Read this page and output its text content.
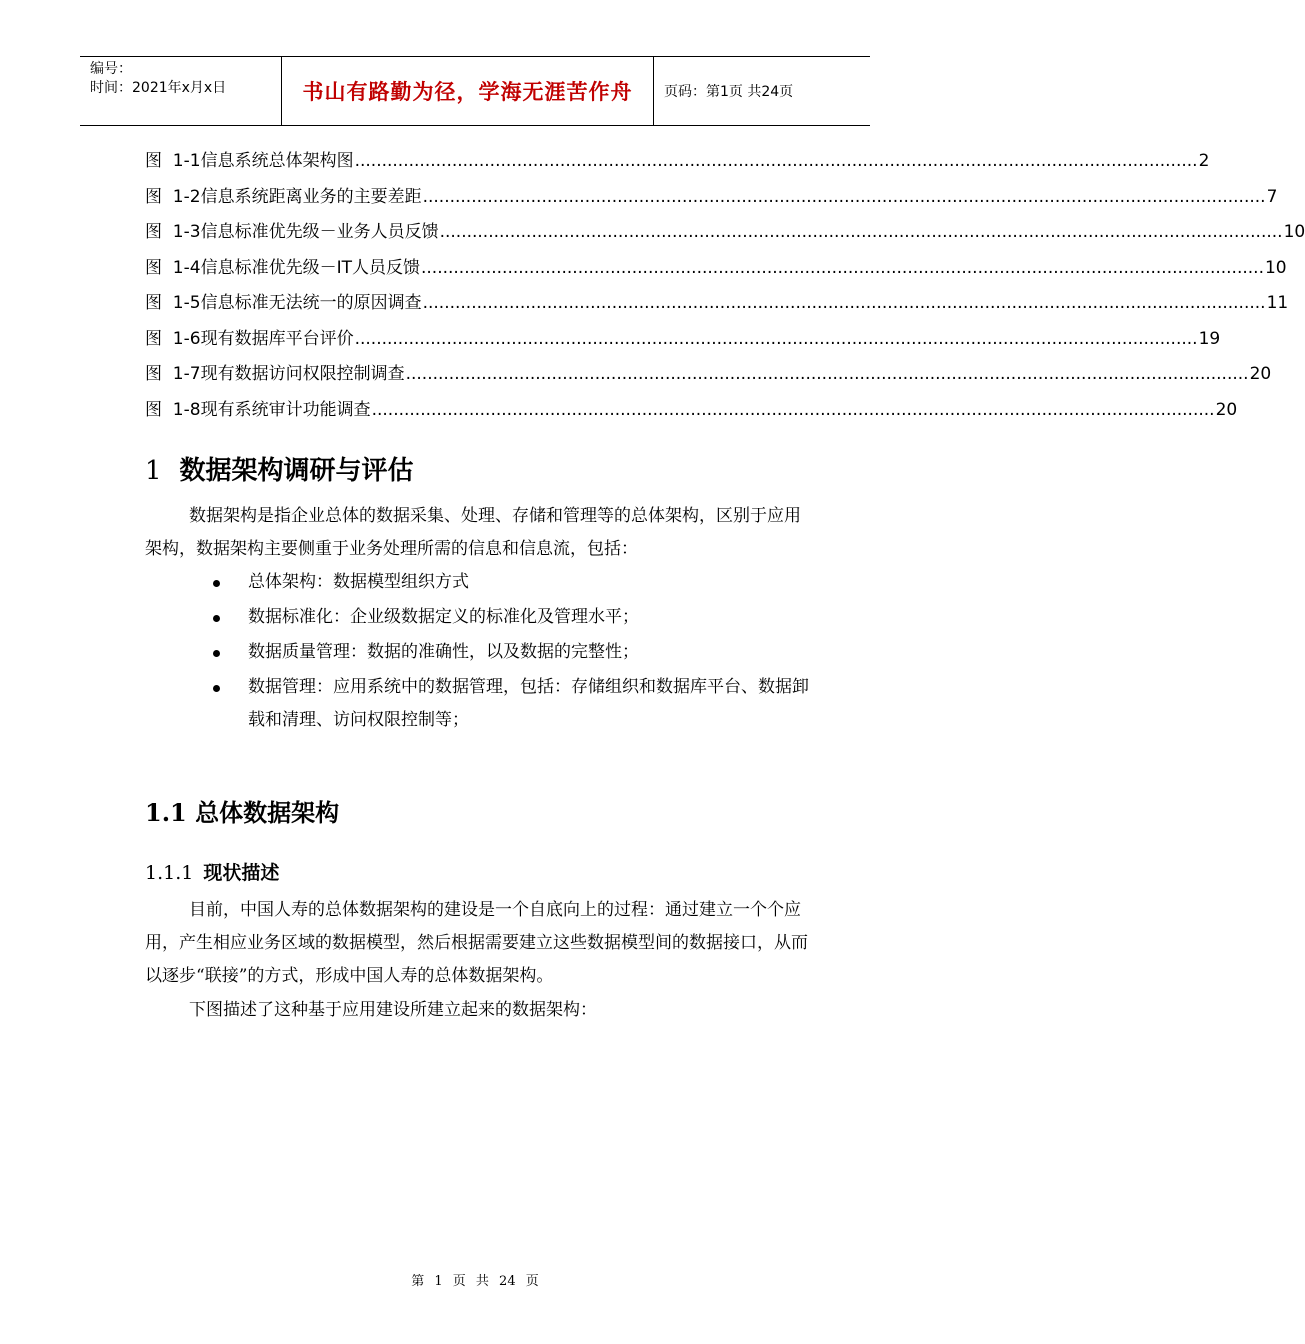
编号：
时间：2021年x月x日	书山有路勤为径，学海无涯苦作舟	页码：第1页 共24页
图  1-1 信息系统总体架构图 ............................................................................................................................................................ 2
图  1-2 信息系统距离业务的主要差距 ............................................................................................................................................................ 7
图  1-3 信息标准优先级－业务人员反馈 ............................................................................................................................................................ 10
图  1-4 信息标准优先级－IT人员反馈 ............................................................................................................................................................ 10
图  1-5 信息标准无法统一的原因调查 ............................................................................................................................................................ 11
图  1-6 现有数据库平台评价 ............................................................................................................................................................ 19
图  1-7 现有数据访问权限控制调查 ............................................................................................................................................................ 20
图  1-8 现有系统审计功能调查 ............................................................................................................................................................ 20
1 数据架构调研与评估

数据架构是指企业总体的数据采集、处理、存储和管理等的总体架构，区别于应用架构，数据架构主要侧重于业务处理所需的信息和信息流，包括：

总体架构：数据模型组织方式
数据标准化：企业级数据定义的标准化及管理水平；
数据质量管理：数据的准确性，以及数据的完整性；
数据管理：应用系统中的数据管理，包括：存储组织和数据库平台、数据卸载和清理、访问权限控制等；
1.1 总体数据架构
1.1.1 现状描述

目前，中国人寿的总体数据架构的建设是一个自底向上的过程：通过建立一个个应用，产生相应业务区域的数据模型，然后根据需要建立这些数据模型间的数据接口，从而以逐步“联接”的方式，形成中国人寿的总体数据架构。

下图描述了这种基于应用建设所建立起来的数据架构：

第 1 页 共 24 页
